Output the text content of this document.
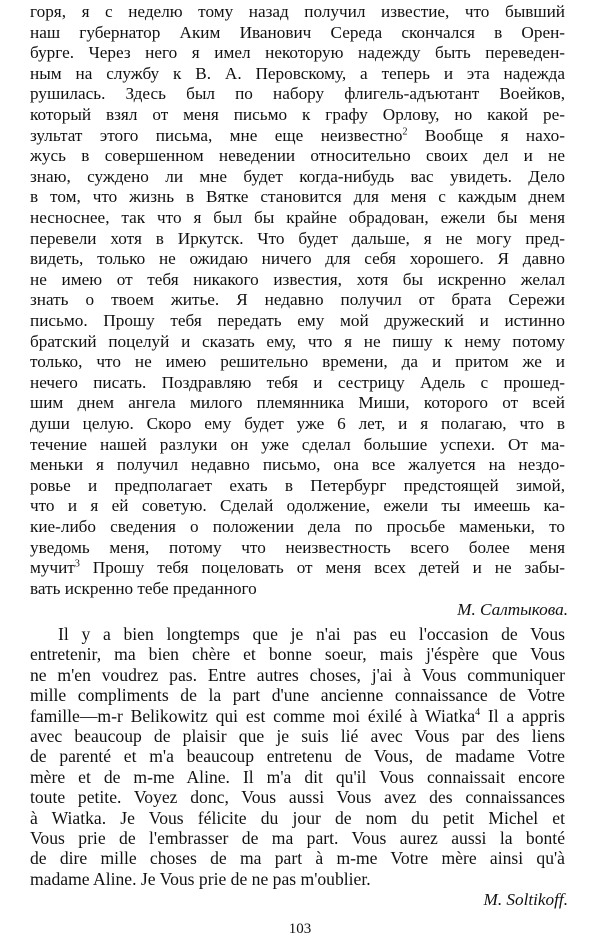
горя, я с неделю тому назад получил известие, что бывший
наш губернатор Аким Иванович Середа скончался в Орен-
бурге. Через него я имел некоторую надежду быть переведен-
ным на службу к В. А. Перовскому, а теперь и эта надежда
рушилась. Здесь был по набору флигель-адъютант Воейков,
который взял от меня письмо к графу Орлову, но какой ре-
зультат этого письма, мне еще неизвестно$^2$ Вообще я нахо-
жусь в совершенном неведении относительно своих дел и не
знаю, суждено ли мне будет когда-нибудь вас увидеть. Дело
в том, что жизнь в Вятке становится для меня с каждым днем
несноснее, так что я был бы крайне обрадован, ежели бы меня
перевели хотя в Иркутск. Что будет дальше, я не могу пред-
видеть, только не ожидаю ничего для себя хорошего. Я давно
не имею от тебя никакого известия, хотя бы искренно желал
знать о твоем житье. Я недавно получил от брата Сережи
письмо. Прошу тебя передать ему мой дружеский и истинно
братский поцелуй и сказать ему, что я не пишу к нему потому
только, что не имею решительно времени, да и притом же и
нечего писать. Поздравляю тебя и сестрицу Адель с прошед-
шим днем ангела милого племянника Миши, которого от всей
души целую. Скоро ему будет уже 6 лет, и я полагаю, что в
течение нашей разлуки он уже сделал большие успехи. От ма-
меньки я получил недавно письмо, она все жалуется на нездо-
ровье и предполагает ехать в Петербург предстоящей зимой,
что и я ей советую. Сделай одолжение, ежели ты имеешь ка-
кие-либо сведения о положении дела по просьбе маменьки, то
уведомь меня, потому что неизвестность всего более меня
мучит$^3$ Прошу тебя поцеловать от меня всех детей и не забы-
вать искренно тебе преданного
М. Салтыкова.
Il y a bien longtemps que je n'ai pas eu l'occasion de Vous
entretenir, ma bien chère et bonne soeur, mais j'éspère que Vous
ne m'en voudrez pas. Entre autres choses, j'ai à Vous communiquer
mille compliments de la part d'une ancienne connaissance de Votre
famille—m-r Belikowitz qui est comme moi éxilé à Wiatka$^4$ Il a appris
avec beaucoup de plaisir que je suis lié avec Vous par des liens
de parenté et m'a beaucoup entretenu de Vous, de madame Votre
mère et de m-me Aline. Il m'a dit qu'il Vous connaissait encore
toute petite. Voyez donc, Vous aussi Vous avez des connaissances
à Wiatka. Je Vous félicite du jour de nom du petit Michel et
Vous prie de l'embrasser de ma part. Vous aurez aussi la bonté
de dire mille choses de ma part à m-me Votre mère ainsi qu'à
madame Aline. Je Vous prie de ne pas m'oublier.
M. Soltikoff.
103
